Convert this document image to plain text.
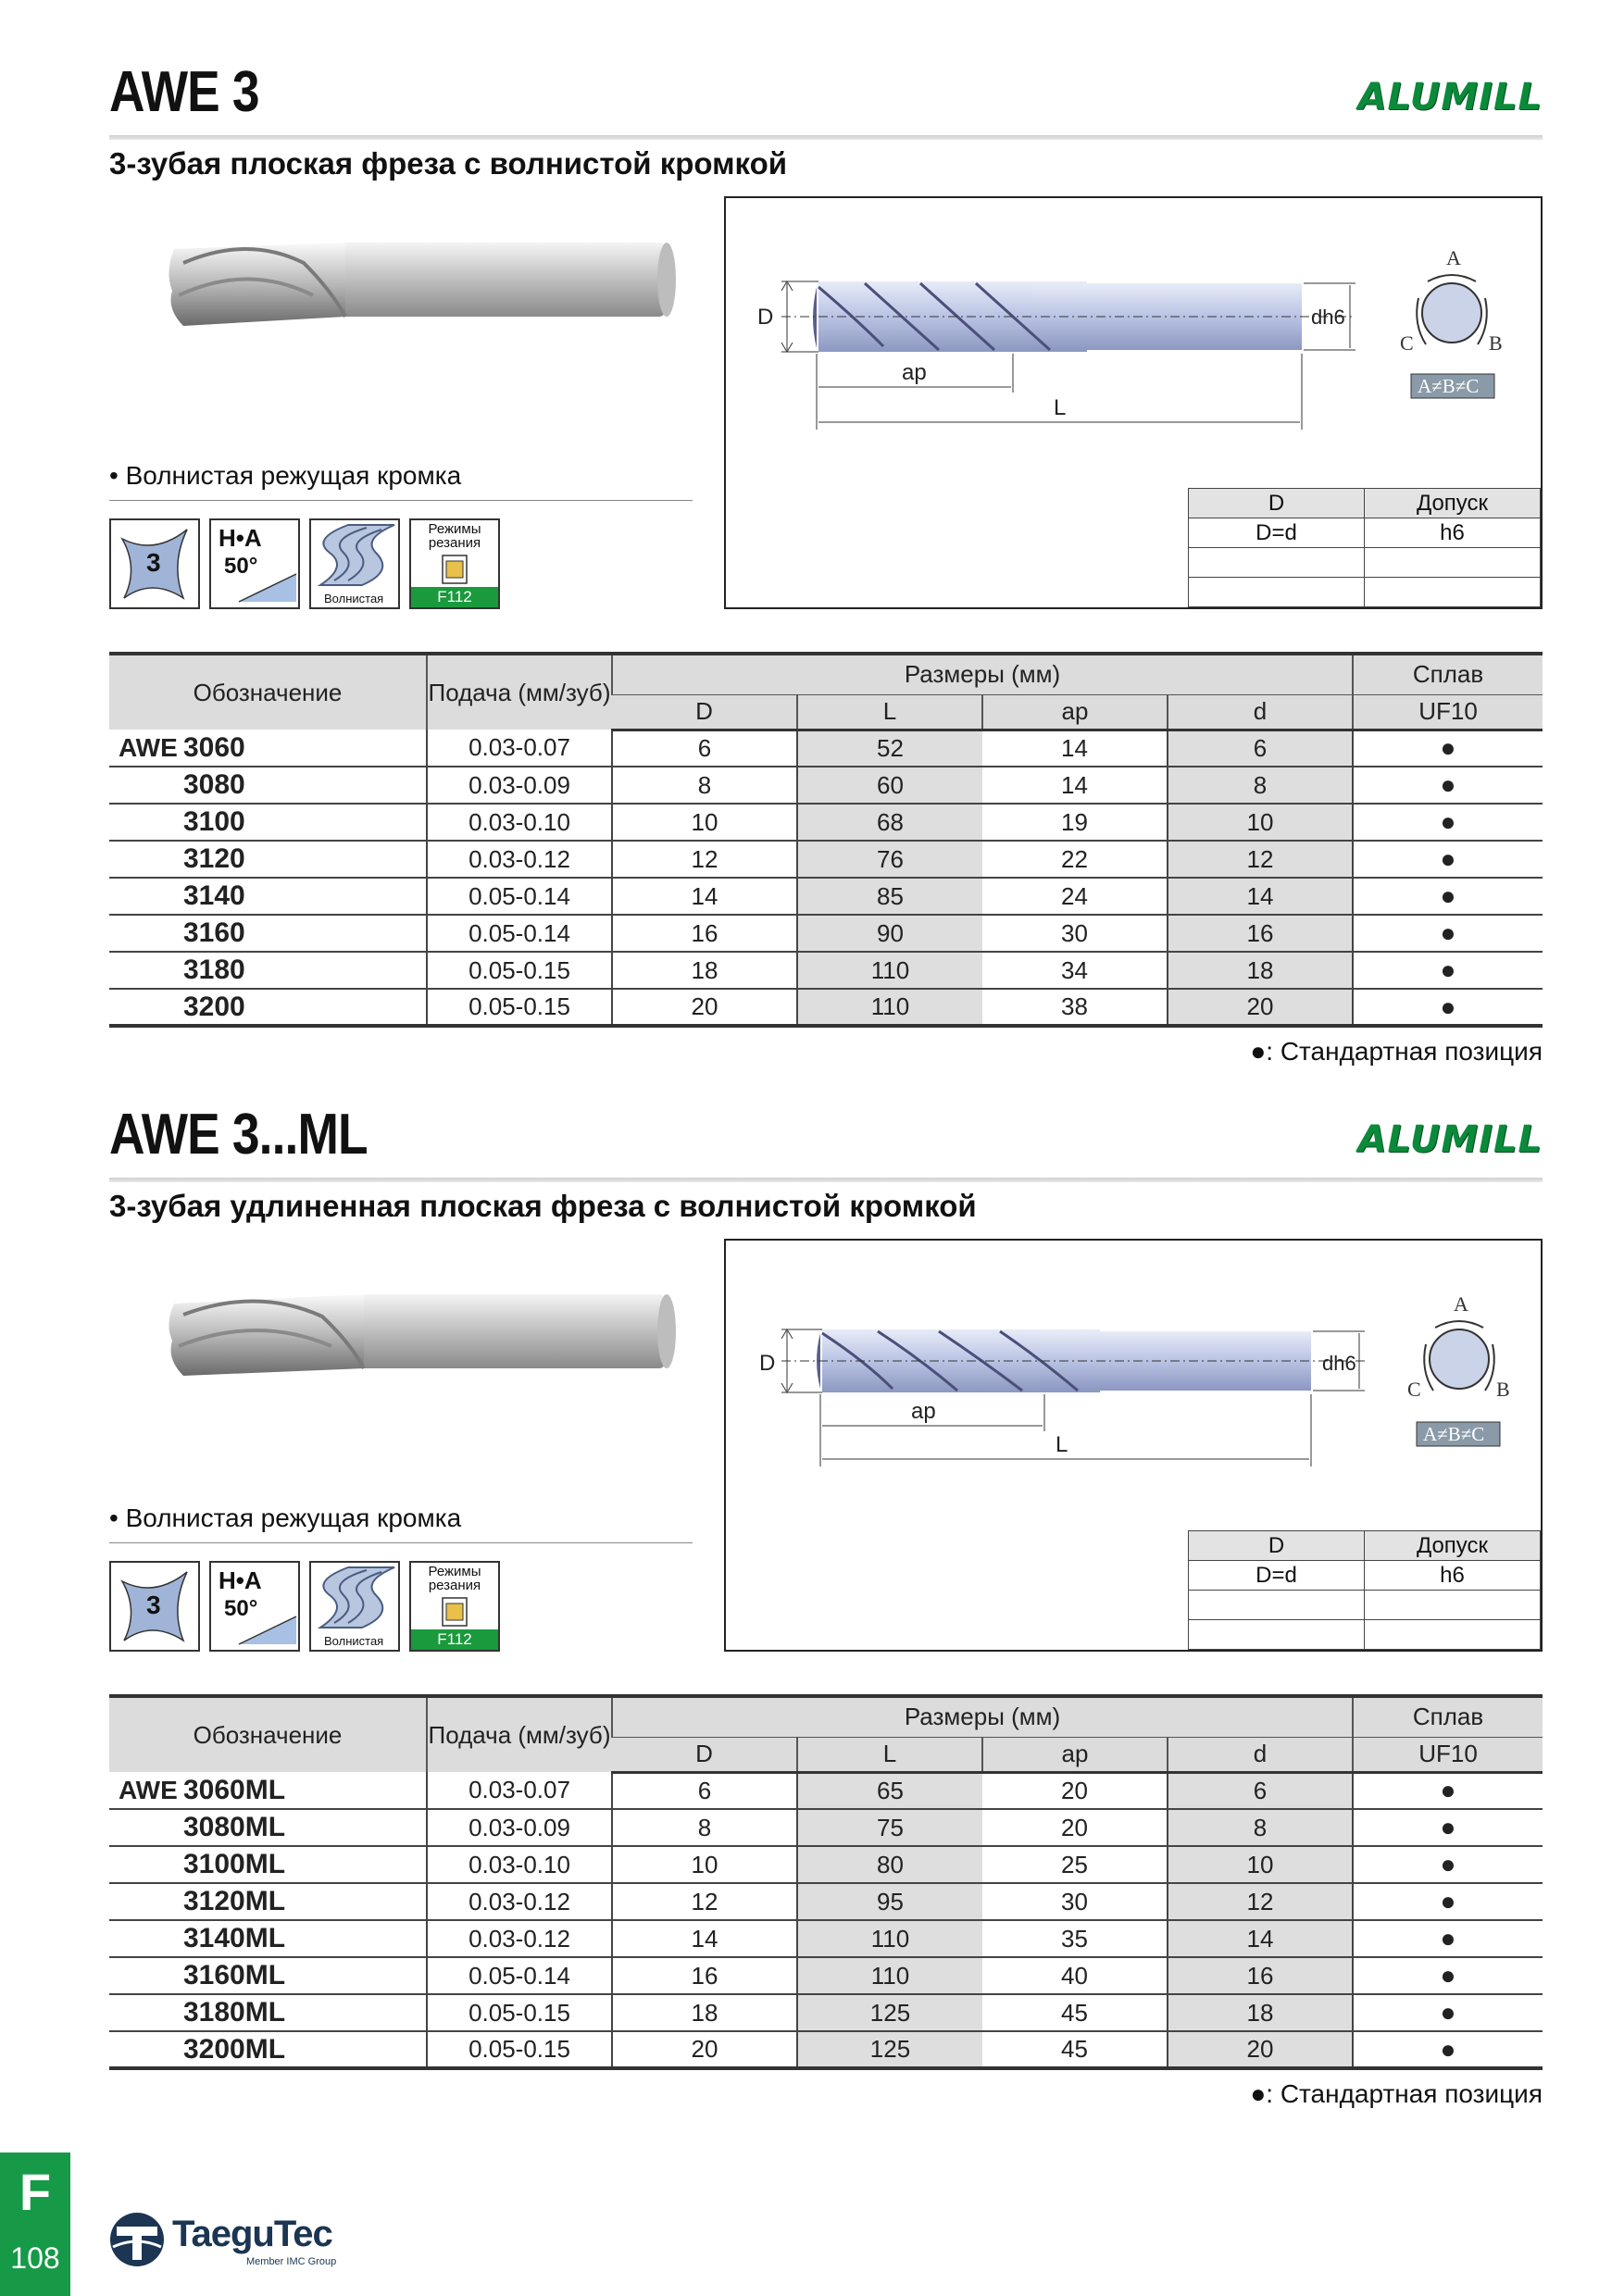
AWE 3	ALUMILL
3-зубая плоская фреза с волнистой кромкой
• Волнистая режущая кромка
3
H•A
50°
Волнистая
Режимы резания
F112
D	dh6
ap
L
A
B
C
A≠B≠C
D	Допуск
D=d	h6

Обозначение	Подача (мм/зуб)	Размеры (мм)				Сплав
		D	L	ap	d	UF10
AWE 3060	0.03-0.07	6	52	14	6	●
3080	0.03-0.09	8	60	14	8	●
3100	0.03-0.10	10	68	19	10	●
3120	0.03-0.12	12	76	22	12	●
3140	0.05-0.14	14	85	24	14	●
3160	0.05-0.14	16	90	30	16	●
3180	0.05-0.15	18	110	34	18	●
3200	0.05-0.15	20	110	38	20	●
●: Стандартная позиция
AWE 3...ML	ALUMILL
3-зубая удлиненная плоская фреза с волнистой кромкой
• Волнистая режущая кромка
3
H•A
50°
Волнистая
Режимы резания
F112
D	dh6
ap
L
A
B
C
A≠B≠C
D	Допуск
D=d	h6

Обозначение	Подача (мм/зуб)	Размеры (мм)				Сплав
		D	L	ap	d	UF10
AWE 3060ML	0.03-0.07	6	65	20	6	●
3080ML	0.03-0.09	8	75	20	8	●
3100ML	0.03-0.10	10	80	25	10	●
3120ML	0.03-0.12	12	95	30	12	●
3140ML	0.03-0.12	14	110	35	14	●
3160ML	0.05-0.14	16	110	40	16	●
3180ML	0.05-0.15	18	125	45	18	●
3200ML	0.05-0.15	20	125	45	20	●
●: Стандартная позиция
F
108
TaeguTec
Member IMC Group
